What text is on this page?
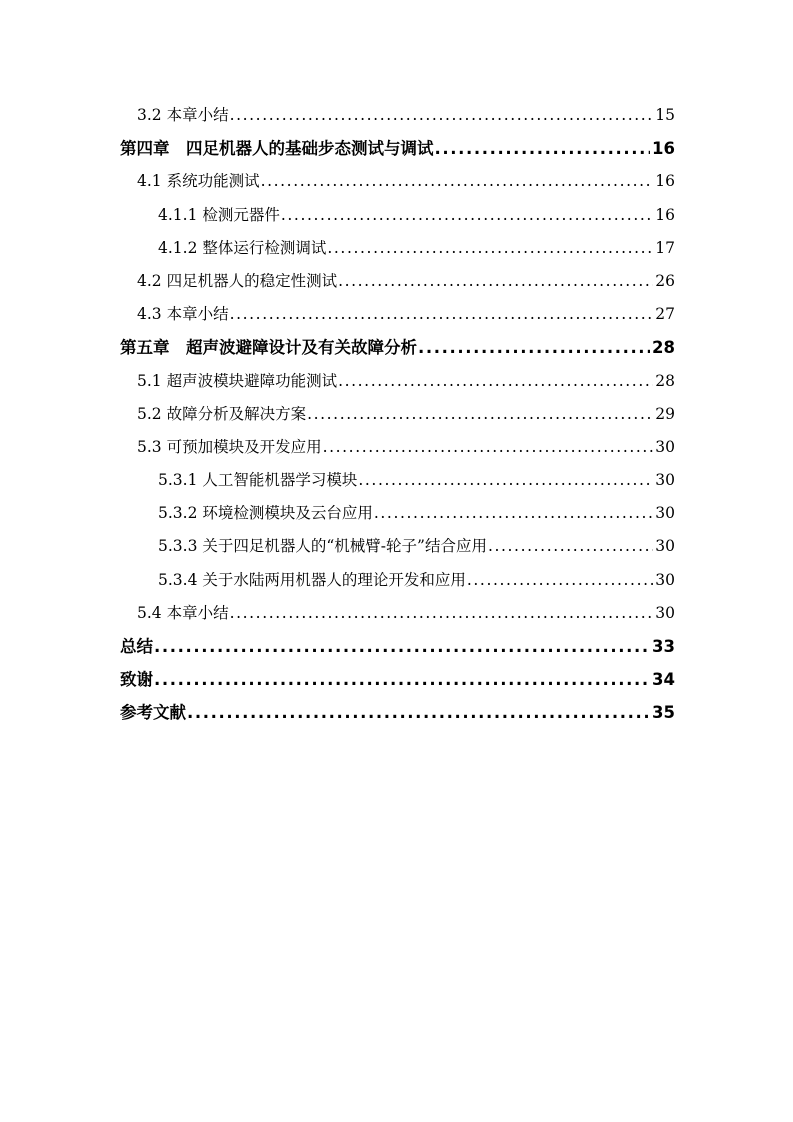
3.2 本章小结 .....	15
第四章　四足机器人的基础步态测试与调试 .....	16
4.1 系统功能测试 .....	16
4.1.1 检测元器件 .....	16
4.1.2 整体运行检测调试 .....	17
4.2 四足机器人的稳定性测试 .....	26
4.3 本章小结 .....	27
第五章　超声波避障设计及有关故障分析 .....	28
5.1 超声波模块避障功能测试 .....	28
5.2 故障分析及解决方案 .....	29
5.3 可预加模块及开发应用 .....	30
5.3.1 人工智能机器学习模块 .....	30
5.3.2 环境检测模块及云台应用 .....	30
5.3.3 关于四足机器人的“机械臂-轮子”结合应用 .....	30
5.3.4 关于水陆两用机器人的理论开发和应用 .....	30
5.4 本章小结 .....	30
总结 .....	33
致谢 .....	34
参考文献 .....	35
